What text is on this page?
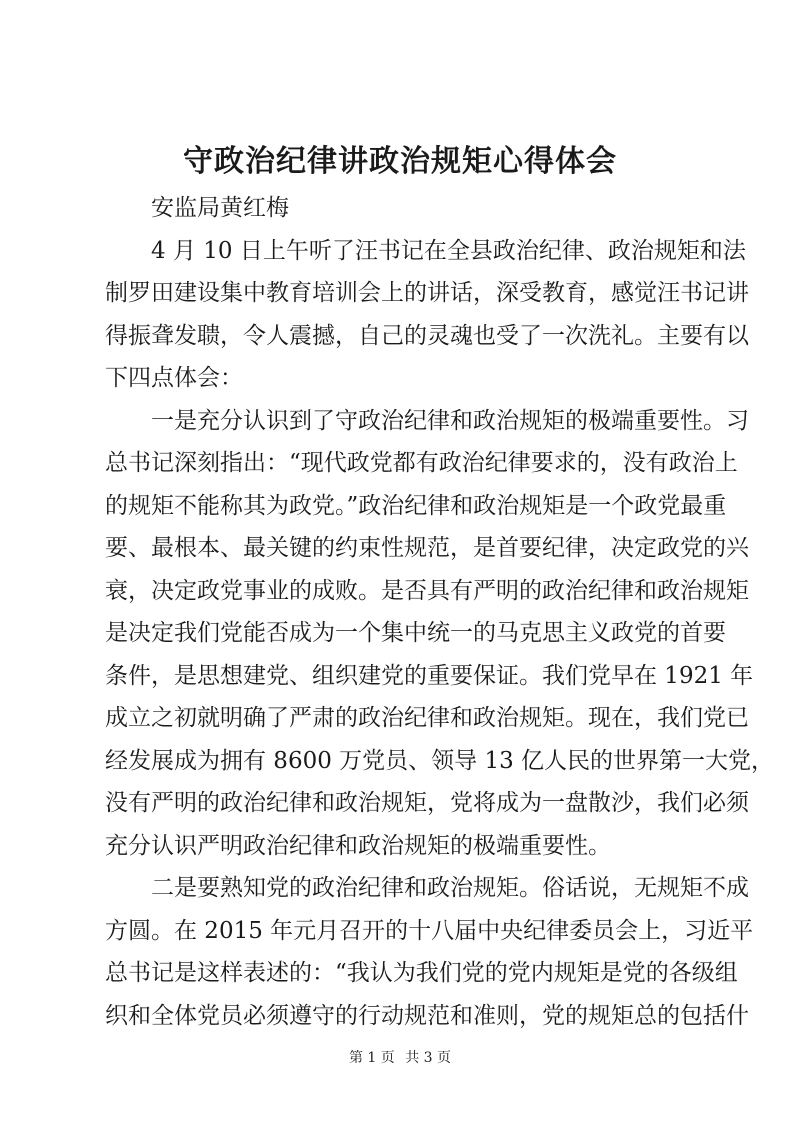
守政治纪律讲政治规矩心得体会
安监局黄红梅
4 月 10 日上午听了汪书记在全县政治纪律、政治规矩和法
制罗田建设集中教育培训会上的讲话，深受教育，感觉汪书记讲
得振聋发聩，令人震撼，自己的灵魂也受了一次洗礼。主要有以
下四点体会：
一是充分认识到了守政治纪律和政治规矩的极端重要性。习
总书记深刻指出：“现代政党都有政治纪律要求的，没有政治上
的规矩不能称其为政党。”政治纪律和政治规矩是一个政党最重
要、最根本、最关键的约束性规范，是首要纪律，决定政党的兴
衰，决定政党事业的成败。是否具有严明的政治纪律和政治规矩
是决定我们党能否成为一个集中统一的马克思主义政党的首要
条件，是思想建党、组织建党的重要保证。我们党早在 1921 年
成立之初就明确了严肃的政治纪律和政治规矩。现在，我们党已
经发展成为拥有 8600 万党员、领导 13 亿人民的世界第一大党，
没有严明的政治纪律和政治规矩，党将成为一盘散沙，我们必须
充分认识严明政治纪律和政治规矩的极端重要性。
二是要熟知党的政治纪律和政治规矩。俗话说，无规矩不成
方圆。在 2015 年元月召开的十八届中央纪律委员会上，习近平
总书记是这样表述的：“我认为我们党的党内规矩是党的各级组
织和全体党员必须遵守的行动规范和准则，党的规矩总的包括什
第 1 页 共 3 页
